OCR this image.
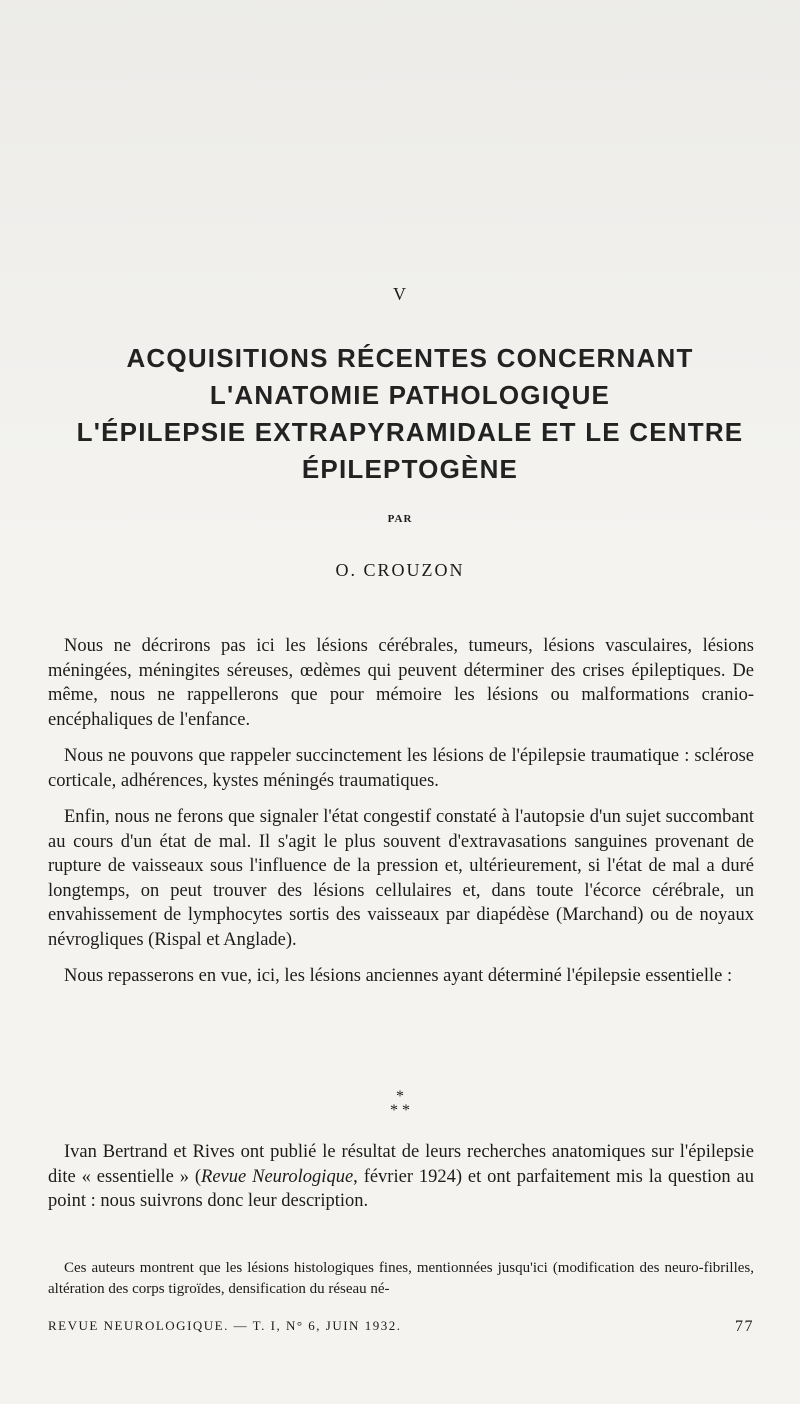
V
ACQUISITIONS RÉCENTES CONCERNANT
L'ANATOMIE PATHOLOGIQUE
L'ÉPILEPSIE EXTRAPYRAMIDALE ET LE CENTRE
ÉPILEPTOGÈNE
PAR
O. CROUZON

Nous ne décrirons pas ici les lésions cérébrales, tumeurs, lésions vasculaires, lésions méningées, méningites séreuses, œdèmes qui peuvent déterminer des crises épileptiques. De même, nous ne rappellerons que pour mémoire les lésions ou malformations cranio-encéphaliques de l'enfance.

Nous ne pouvons que rappeler succinctement les lésions de l'épilepsie traumatique : sclérose corticale, adhérences, kystes méningés traumatiques.

Enfin, nous ne ferons que signaler l'état congestif constaté à l'autopsie d'un sujet succombant au cours d'un état de mal. Il s'agit le plus souvent d'extravasations sanguines provenant de rupture de vaisseaux sous l'influence de la pression et, ultérieurement, si l'état de mal a duré longtemps, on peut trouver des lésions cellulaires et, dans toute l'écorce cérébrale, un envahissement de lymphocytes sortis des vaisseaux par diapédèse (Marchand) ou de noyaux névrogliques (Rispal et Anglade).

Nous repasserons en vue, ici, les lésions anciennes ayant déterminé l'épilepsie essentielle :

*
* *

Ivan Bertrand et Rives ont publié le résultat de leurs recherches anatomiques sur l'épilepsie dite « essentielle » (Revue Neurologique, février 1924) et ont parfaitement mis la question au point : nous suivrons donc leur description.

Ces auteurs montrent que les lésions histologiques fines, mentionnées jusqu'ici (modification des neuro-fibrilles, altération des corps tigroïdes, densification du réseau né-
REVUE NEUROLOGIQUE. — T. I, N° 6, JUIN 1932.	77
